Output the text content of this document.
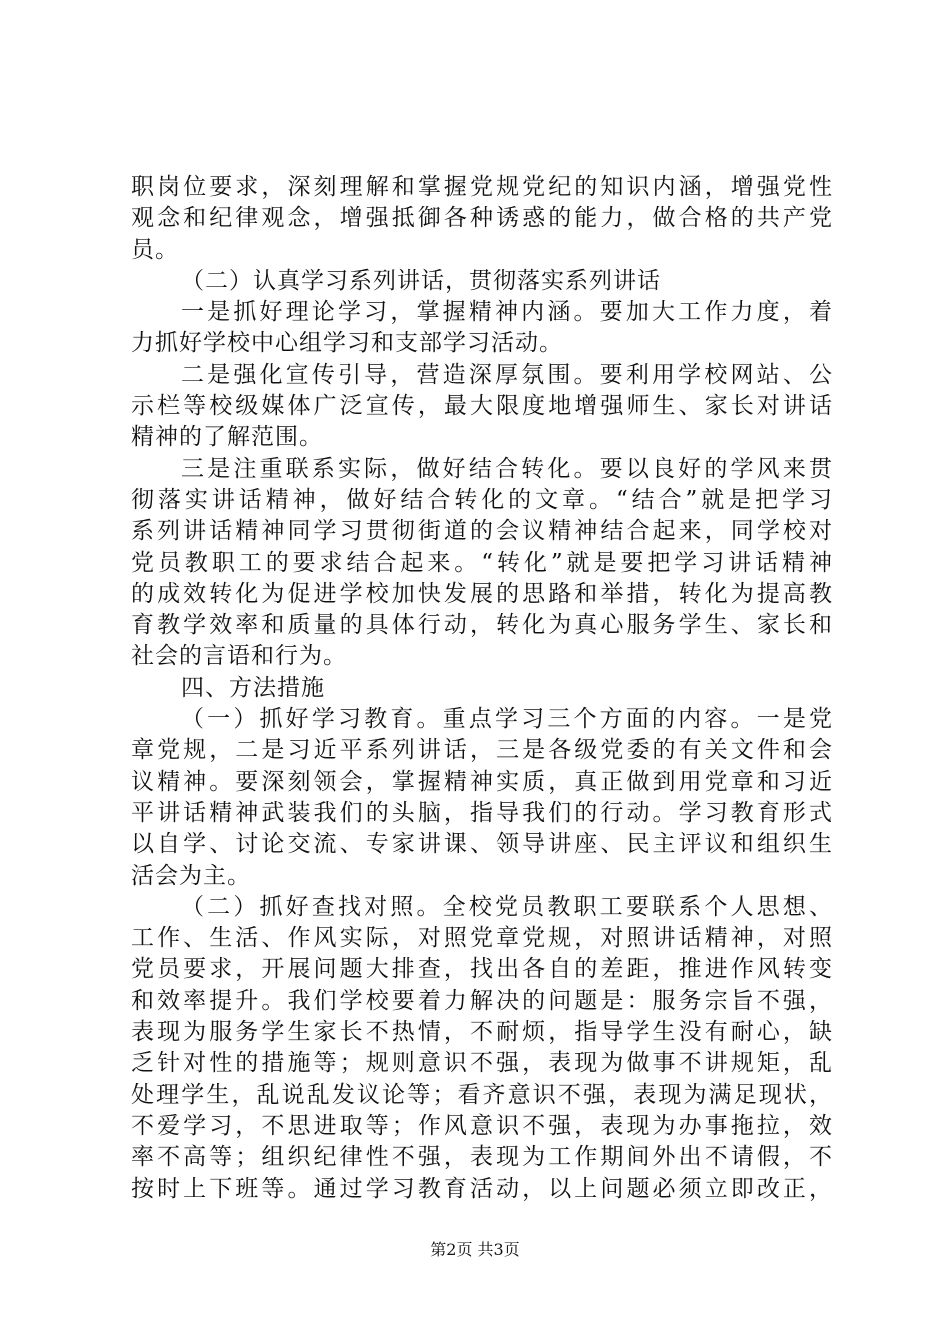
职岗位要求，深刻理解和掌握党规党纪的知识内涵，增强党性
观念和纪律观念，增强抵御各种诱惑的能力，做合格的共产党
员。
（二）认真学习系列讲话，贯彻落实系列讲话
一是抓好理论学习，掌握精神内涵。要加大工作力度，着
力抓好学校中心组学习和支部学习活动。
二是强化宣传引导，营造深厚氛围。要利用学校网站、公
示栏等校级媒体广泛宣传，最大限度地增强师生、家长对讲话
精神的了解范围。
三是注重联系实际，做好结合转化。要以良好的学风来贯
彻落实讲话精神，做好结合转化的文章。“结合”就是把学习
系列讲话精神同学习贯彻街道的会议精神结合起来，同学校对
党员教职工的要求结合起来。“转化”就是要把学习讲话精神
的成效转化为促进学校加快发展的思路和举措，转化为提高教
育教学效率和质量的具体行动，转化为真心服务学生、家长和
社会的言语和行为。
四、方法措施
（一）抓好学习教育。重点学习三个方面的内容。一是党
章党规，二是习近平系列讲话，三是各级党委的有关文件和会
议精神。要深刻领会，掌握精神实质，真正做到用党章和习近
平讲话精神武装我们的头脑，指导我们的行动。学习教育形式
以自学、讨论交流、专家讲课、领导讲座、民主评议和组织生
活会为主。
（二）抓好查找对照。全校党员教职工要联系个人思想、
工作、生活、作风实际，对照党章党规，对照讲话精神，对照
党员要求，开展问题大排查，找出各自的差距，推进作风转变
和效率提升。我们学校要着力解决的问题是：服务宗旨不强，
表现为服务学生家长不热情，不耐烦，指导学生没有耐心，缺
乏针对性的措施等；规则意识不强，表现为做事不讲规矩，乱
处理学生，乱说乱发议论等；看齐意识不强，表现为满足现状，
不爱学习，不思进取等；作风意识不强，表现为办事拖拉，效
率不高等；组织纪律性不强，表现为工作期间外出不请假，不
按时上下班等。通过学习教育活动，以上问题必须立即改正，
第2页 共3页
